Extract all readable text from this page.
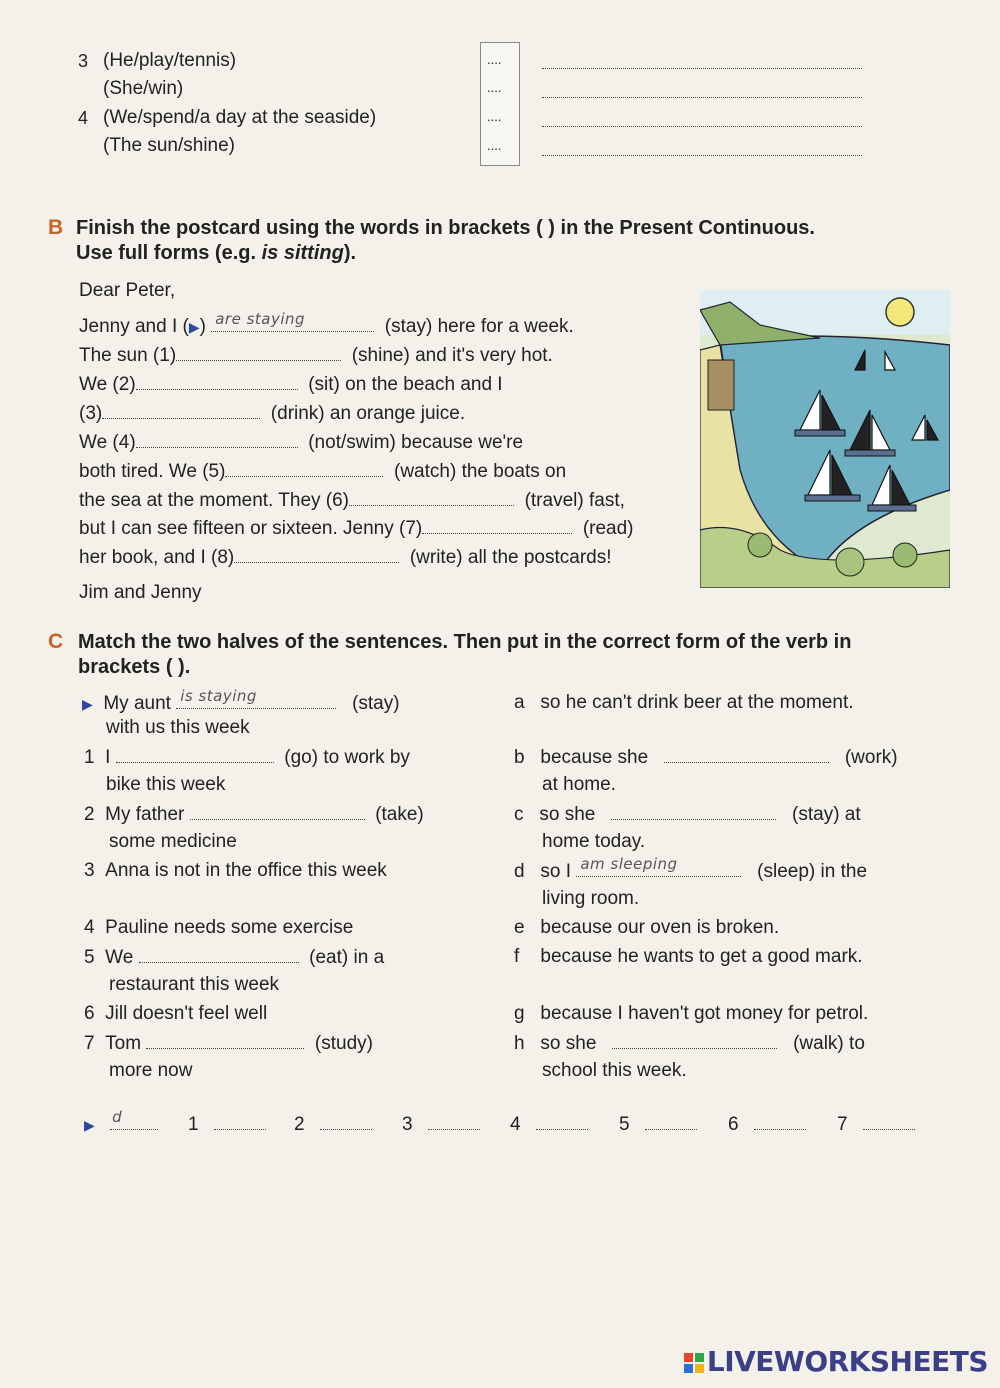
3 (He/play/tennis)
(She/win)
4 (We/spend/a day at the seaside)
(The sun/shine)
....
....
....
....
B Finish the postcard using the words in brackets ( ) in the Present Continuous.
Use full forms (e.g. is sitting).
Dear Peter,
Jenny and I (▶) are staying	(stay) here for a week.
The sun (1)	(shine) and it's very hot.
We (2)	(sit) on the beach and I
(3)	(drink) an orange juice.
We (4)	(not/swim) because we're
both tired. We (5)	(watch) the boats on
the sea at the moment. They (6)	(travel) fast,
but I can see fifteen or sixteen. Jenny (7)	(read)
her book, and I (8)	(write) all the postcards!
Jim and Jenny
C Match the two halves of the sentences. Then put in the correct form of the verb in
brackets ( ).
▶ My aunt is staying	(stay)
with us this week
1 I	(go) to work by
bike this week
2 My father	(take)
some medicine
3 Anna is not in the office this week
4 Pauline needs some exercise
5 We	(eat) in a
restaurant this week
6 Jill doesn't feel well
7 Tom	(study)
more now
a so he can't drink beer at the moment.
b because she	(work)
at home.
c so she	(stay) at
home today.
d so I am sleeping	(sleep) in the
living room.
e because our oven is broken.
f because he wants to get a good mark.
g because I haven't got money for petrol.
h so she	(walk) to
school this week.
▶ d	1	2	3	4	5	6	7
LIVEWORKSHEETS
